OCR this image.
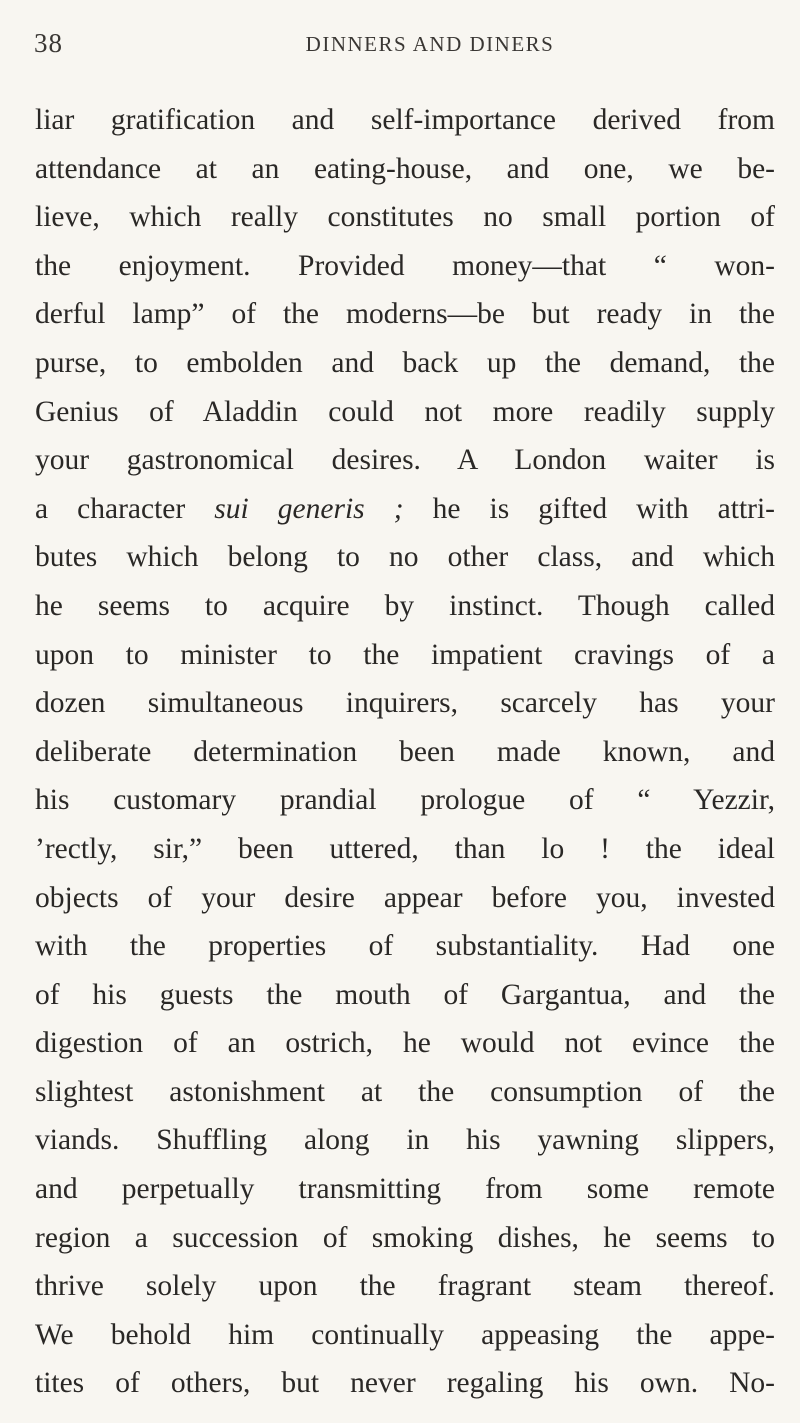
38	DINNERS AND DINERS
liar gratification and self-importance derived from
attendance at an eating-house, and one, we be-
lieve, which really constitutes no small portion of
the enjoyment. Provided money—that “ won-
derful lamp” of the moderns—be but ready in the
purse, to embolden and back up the demand, the
Genius of Aladdin could not more readily supply
your gastronomical desires. A London waiter is
a character sui generis ; he is gifted with attri-
butes which belong to no other class, and which
he seems to acquire by instinct. Though called
upon to minister to the impatient cravings of a
dozen simultaneous inquirers, scarcely has your
deliberate determination been made known, and
his customary prandial prologue of “ Yezzir,
’rectly, sir,” been uttered, than lo ! the ideal
objects of your desire appear before you, invested
with the properties of substantiality. Had one
of his guests the mouth of Gargantua, and the
digestion of an ostrich, he would not evince the
slightest astonishment at the consumption of the
viands. Shuffling along in his yawning slippers,
and perpetually transmitting from some remote
region a succession of smoking dishes, he seems to
thrive solely upon the fragrant steam thereof.
We behold him continually appeasing the appe-
tites of others, but never regaling his own. No-
